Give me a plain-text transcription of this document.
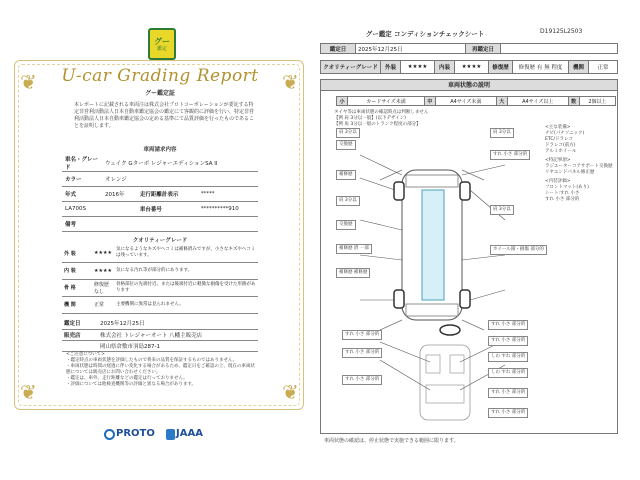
❦	❦
❦	❦
グー
鑑定
U-car Grading Report
グー鑑定証
本レポートに記載される車両注は株式会社プロトコーポレーションが委託する特定非営利活動法人日本自動車鑑定協会の鑑定にて客観的に評価を行い、特定非営利活動法人日本自動車鑑定協会の定める基準にて品質評価を行ったものであることを証明します。
車両請求内容
車名・グレード	ウェイク Gターボ レジャーエディションSA II		
カラー	オレンジ		
年式	2016年	走行距離計表示	*****
LA700S		車台番号	**********910
備考			
クオリティーグレード
外 装	★★★★	気になるようなキズやヘコミは補修済みですが、小さなキズやヘコミは残っています。
内 装	★★★★	気になる汚れ等が部分的にあります。
骨 格	修復歴なし	骨格部位の先端付近、または後端付近に軽微な損傷を受けた形跡があります
機 関	正常	主要機関に異常は見られません。
鑑定日	2025年12月25日
販売店	株式会社 トレジャーオート 八幡主販売店
	岡山県倉敷市羽島287-1
<ご注意について>
・鑑定時点の車両状態を評価したもので将来の品質を保証するものではありません。
・車両状態は時間の経過に伴い変化する場合があるため、鑑定日をご確認の上、現在の車両状態については販売店にお問い合わせください。
・鑑定は、車外、走行距離などの鑑定は行っておりません。
・評価については他検査機関等の評価と異なる場合があります。
PROTO JAAA
D19125L2503
グー鑑定 コンディションチェックシート
鑑定日	2025年12月25日	再鑑定日	
クオリティーグレード	外装	★★★★	内装	★★★★	修復歴	修復歴 有 無 程度	機関	正常
車両状態の説明
小	カードサイズ未満	中	A4サイズ未満	大	A4サイズ以上	数	2個以上
タイヤ等は車両状態の確認時点は判断しません
【例 肩 3分以一般】(以下デザイン)
【例 角 3分以一般のトランク程度の部分】
肩 3分以
交換歴
補修歴
肩 3分以
交換歴
補修歴 済 一部
肩 3分以
すれ 小さ 部分的
肩 3分以
ホイール錆・損傷 部分的
補修歴 補修歴
すれ 小さ 部分的
すれ 小さ 部分的
すれ 小さ 部分的
すれ 小さ 部分的
しわ すれ 部分的
しわ すれ 部分的
すれ 小さ 部分的
すれ 小さ 部分的
すれ 小さ 部分的
<主な装備>
ナビ(パナソニック)
ETC/ドラレコ
ドラレコ(前方)
アルミホイール
<特記事項>
ラジエーターコアサポート交換歴
リヤエンドパネル修正歴
<内装評価>
フロントマット(あり)
シート:すれ 小さ
すれ 小さ 部分的
車両状態の確認は、停止状態で実施できる範囲に限ります。
